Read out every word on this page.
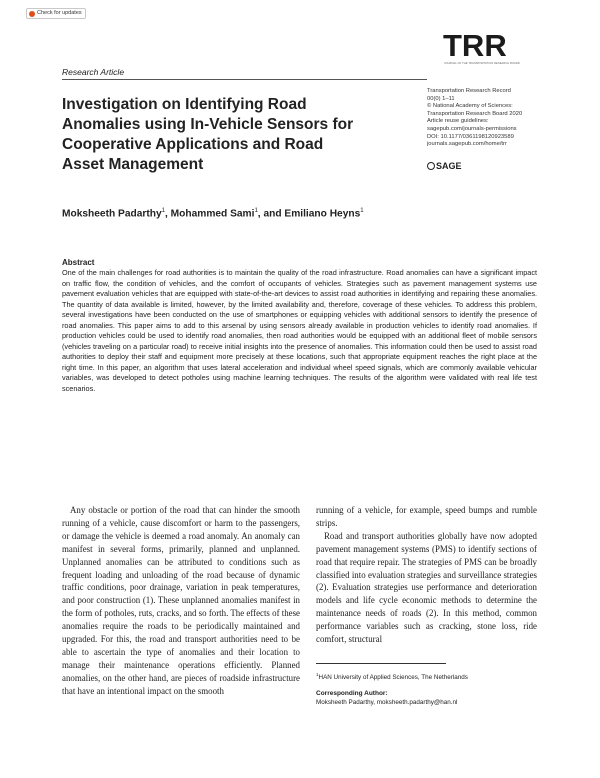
Check for updates
Research Article
Investigation on Identifying Road Anomalies using In-Vehicle Sensors for Cooperative Applications and Road Asset Management
TRR
JOURNAL OF THE TRANSPORTATION RESEARCH BOARD
Transportation Research Record
00(0) 1–11
© National Academy of Sciences:
Transportation Research Board 2020
Article reuse guidelines:
sagepub.com/journals-permissions
DOI: 10.1177/0361198120923589
journals.sagepub.com/home/trr
SAGE
Moksheeth Padarthy$^1$, Mohammed Sami$^1$, and Emiliano Heyns$^1$
Abstract

One of the main challenges for road authorities is to maintain the quality of the road infrastructure. Road anomalies can have a significant impact on traffic flow, the condition of vehicles, and the comfort of occupants of vehicles. Strategies such as pavement management systems use pavement evaluation vehicles that are equipped with state-of-the-art devices to assist road authorities in identifying and repairing these anomalies. The quantity of data available is limited, however, by the limited availability and, therefore, coverage of these vehicles. To address this problem, several investigations have been conducted on the use of smartphones or equipping vehicles with additional sensors to identify the presence of road anomalies. This paper aims to add to this arsenal by using sensors already available in production vehicles to identify road anomalies. If production vehicles could be used to identify road anomalies, then road authorities would be equipped with an additional fleet of mobile sensors (vehicles traveling on a particular road) to receive initial insights into the presence of anomalies. This information could then be used to assist road authorities to deploy their staff and equipment more precisely at these locations, such that appropriate equipment reaches the right place at the right time. In this paper, an algorithm that uses lateral acceleration and individual wheel speed signals, which are commonly available vehicular variables, was developed to detect potholes using machine learning techniques. The results of the algorithm were validated with real life test scenarios.

Any obstacle or portion of the road that can hinder the smooth running of a vehicle, cause discomfort or harm to the passengers, or damage the vehicle is deemed a road anomaly. An anomaly can manifest in several forms, primarily, planned and unplanned. Unplanned anomalies can be attributed to conditions such as frequent loading and unloading of the road because of dynamic traffic conditions, poor drainage, variation in peak temperatures, and poor construction (1). These unplanned anomalies manifest in the form of potholes, ruts, cracks, and so forth. The effects of these anomalies require the roads to be periodically maintained and upgraded. For this, the road and transport authorities need to be able to ascertain the type of anomalies and their location to manage their maintenance operations efficiently. Planned anomalies, on the other hand, are pieces of roadside infrastructure that have an intentional impact on the smooth

running of a vehicle, for example, speed bumps and rumble strips.

Road and transport authorities globally have now adopted pavement management systems (PMS) to identify sections of road that require repair. The strategies of PMS can be broadly classified into evaluation strategies and surveillance strategies (2). Evaluation strategies use performance and deterioration models and life cycle economic methods to determine the maintenance needs of roads (2). In this method, common performance variables such as cracking, stone loss, ride comfort, structural

$^1$HAN University of Applied Sciences, The Netherlands
Corresponding Author:
Moksheeth Padarthy, moksheeth.padarthy@han.nl
